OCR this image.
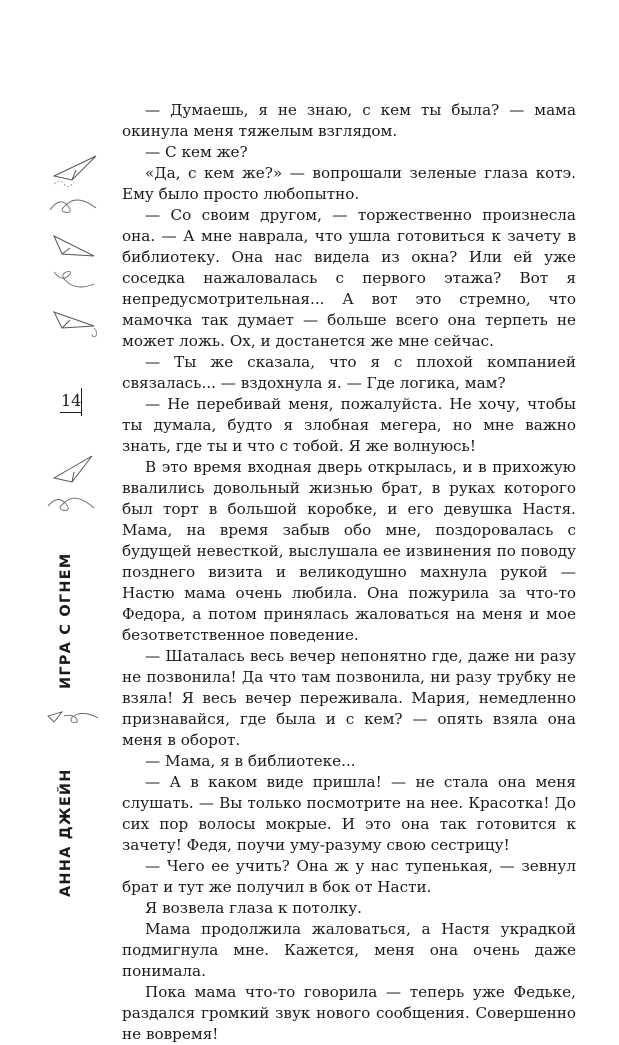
14
ИГРА С ОГНЕМ
АННА ДЖЕЙН

— Думаешь, я не знаю, с кем ты была? — мама окинула меня тяжелым взглядом.

— С кем же?

«Да, с кем же?» — вопрошали зеленые глаза котэ. Ему было просто любопытно.

— Со своим другом, — торжественно произнесла она. — А мне наврала, что ушла готовиться к зачету в библиотеку. Она нас видела из окна? Или ей уже соседка нажаловалась с первого этажа? Вот я непредусмотрительная... А вот это стремно, что мамочка так думает — больше всего она терпеть не может ложь. Ох, и достанется же мне сейчас.

— Ты же сказала, что я с плохой компанией связалась... — вздохнула я. — Где логика, мам?

— Не перебивай меня, пожалуйста. Не хочу, чтобы ты думала, будто я злобная мегера, но мне важно знать, где ты и что с тобой. Я же волнуюсь!

В это время входная дверь открылась, и в прихожую ввалились довольный жизнью брат, в руках которого был торт в большой коробке, и его девушка Настя. Мама, на время забыв обо мне, поздоровалась с будущей невесткой, выслушала ее извинения по поводу позднего визита и великодушно махнула рукой — Настю мама очень любила. Она пожурила за что-то Федора, а потом принялась жаловаться на меня и мое безответственное поведение.

— Шаталась весь вечер непонятно где, даже ни разу не позвонила! Да что там позвонила, ни разу трубку не взяла! Я весь вечер переживала. Мария, немедленно признавайся, где была и с кем? — опять взяла она меня в оборот.

— Мама, я в библиотеке...

— А в каком виде пришла! — не стала она меня слушать. — Вы только посмотрите на нее. Красотка! До сих пор волосы мокрые. И это она так готовится к зачету! Федя, поучи уму-разуму свою сестрицу!

— Чего ее учить? Она ж у нас тупенькая, — зевнул брат и тут же получил в бок от Насти.

Я возвела глаза к потолку.

Мама продолжила жаловаться, а Настя украдкой подмигнула мне. Кажется, меня она очень даже понимала.

Пока мама что-то говорила — теперь уже Федьке, раздался громкий звук нового сообщения. Совершенно не вовремя!
